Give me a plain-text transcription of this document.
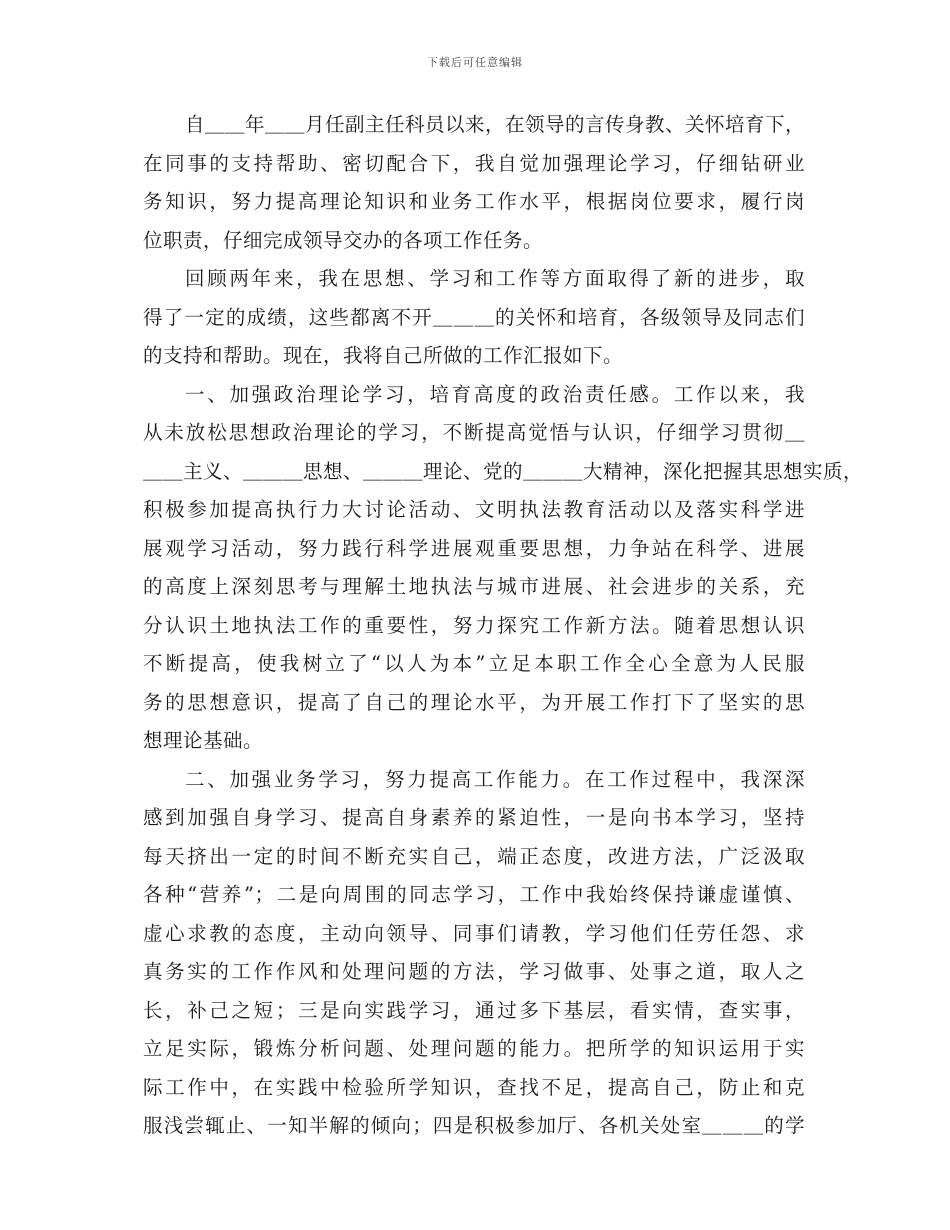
下载后可任意编辑
自＿＿年＿＿月任副主任科员以来，在领导的言传身教、关怀培育下，
在同事的支持帮助、密切配合下，我自觉加强理论学习，仔细钻研业
务知识，努力提高理论知识和业务工作水平，根据岗位要求，履行岗
位职责，仔细完成领导交办的各项工作任务。
回顾两年来，我在思想、学习和工作等方面取得了新的进步，取
得了一定的成绩，这些都离不开＿＿＿的关怀和培育，各级领导及同志们
的支持和帮助。现在，我将自己所做的工作汇报如下。
一、加强政治理论学习，培育高度的政治责任感。工作以来，我
从未放松思想政治理论的学习，不断提高觉悟与认识，仔细学习贯彻＿
＿＿主义、＿＿＿思想、＿＿＿理论、党的＿＿＿大精神，深化把握其思想实质，
积极参加提高执行力大讨论活动、文明执法教育活动以及落实科学进
展观学习活动，努力践行科学进展观重要思想，力争站在科学、进展
的高度上深刻思考与理解土地执法与城市进展、社会进步的关系，充
分认识土地执法工作的重要性，努力探究工作新方法。随着思想认识
不断提高，使我树立了“以人为本”立足本职工作全心全意为人民服
务的思想意识，提高了自己的理论水平，为开展工作打下了坚实的思
想理论基础。
二、加强业务学习，努力提高工作能力。在工作过程中，我深深
感到加强自身学习、提高自身素养的紧迫性，一是向书本学习，坚持
每天挤出一定的时间不断充实自己，端正态度，改进方法，广泛汲取
各种“营养”；二是向周围的同志学习，工作中我始终保持谦虚谨慎、
虚心求教的态度，主动向领导、同事们请教，学习他们任劳任怨、求
真务实的工作作风和处理问题的方法，学习做事、处事之道，取人之
长，补己之短；三是向实践学习，通过多下基层，看实情，查实事，
立足实际，锻炼分析问题、处理问题的能力。把所学的知识运用于实
际工作中，在实践中检验所学知识，查找不足，提高自己，防止和克
服浅尝辄止、一知半解的倾向；四是积极参加厅、各机关处室＿＿＿的学
